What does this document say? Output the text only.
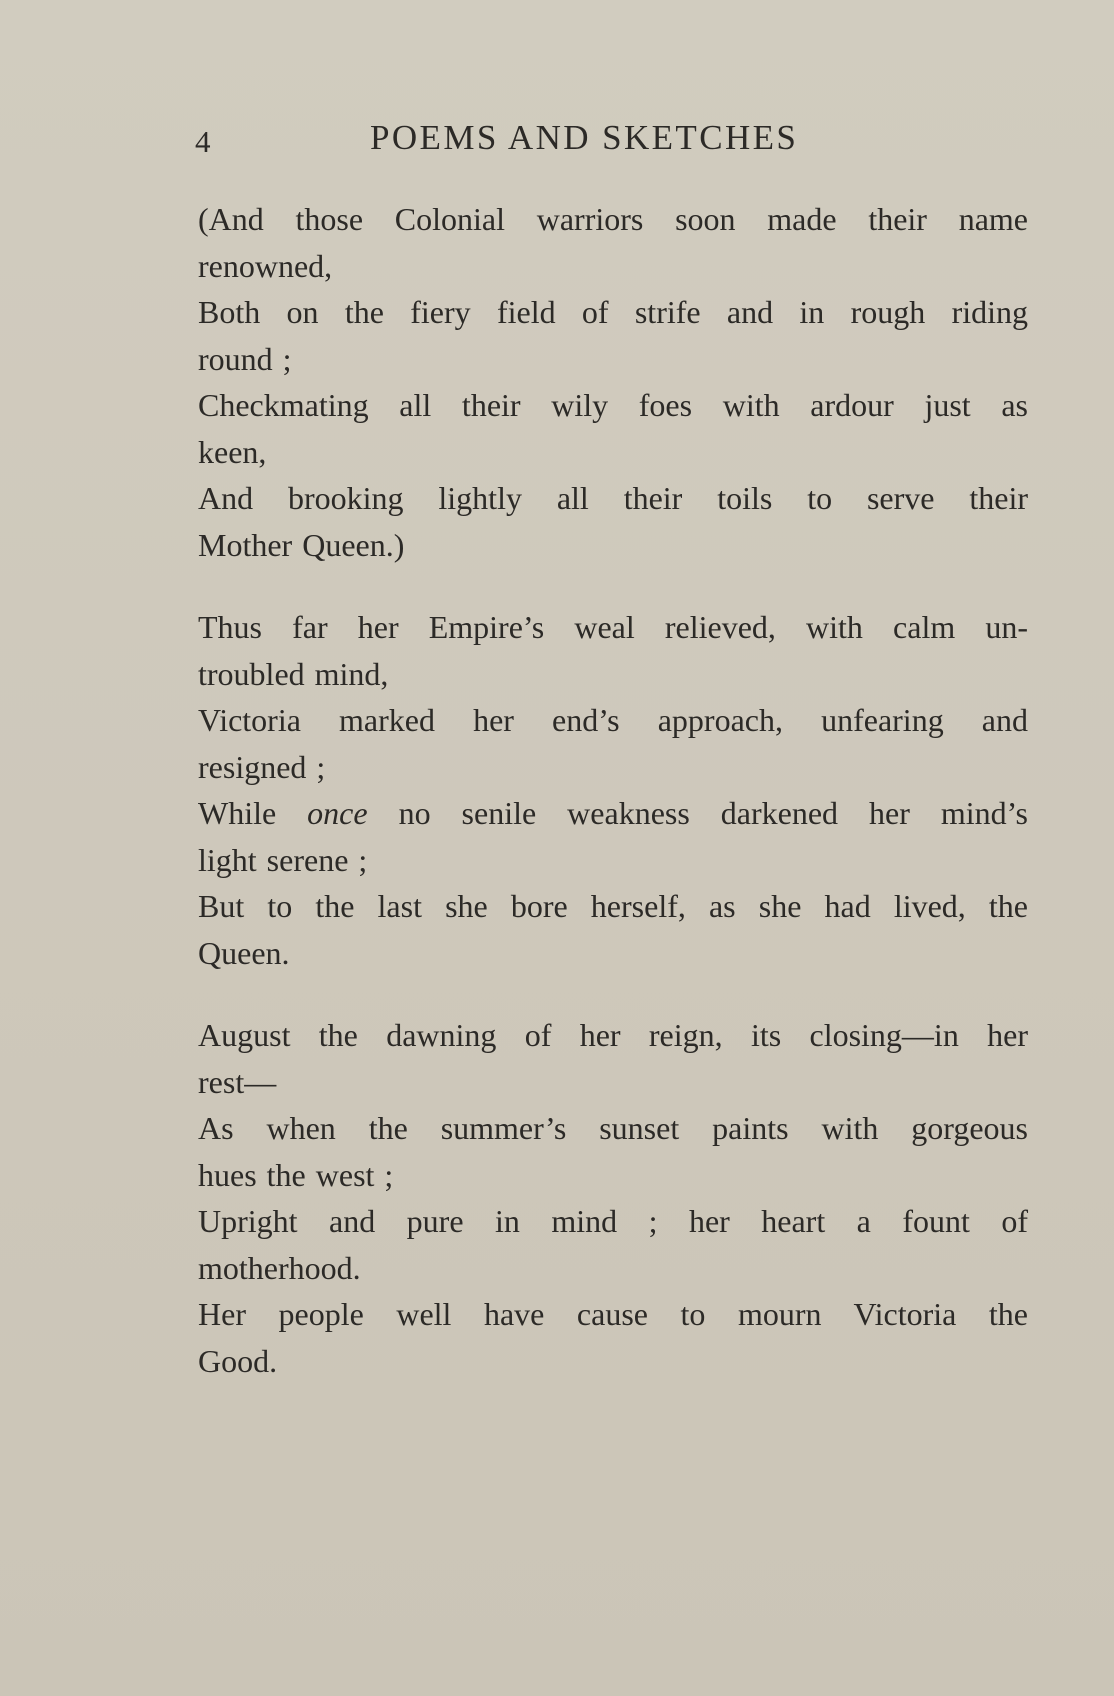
4	POEMS AND SKETCHES
(And those Colonial warriors soon made their name
renowned,
Both on the fiery field of strife and in rough riding
round ;
Checkmating all their wily foes with ardour just as
keen,
And brooking lightly all their toils to serve their
Mother Queen.)
Thus far her Empire’s weal relieved, with calm un-
troubled mind,
Victoria marked her end’s approach, unfearing and
resigned ;
While once no senile weakness darkened her mind’s
light serene ;
But to the last she bore herself, as she had lived, the
Queen.
August the dawning of her reign, its closing—in her
rest—
As when the summer’s sunset paints with gorgeous
hues the west ;
Upright and pure in mind ; her heart a fount of
motherhood.
Her people well have cause to mourn Victoria the
Good.
